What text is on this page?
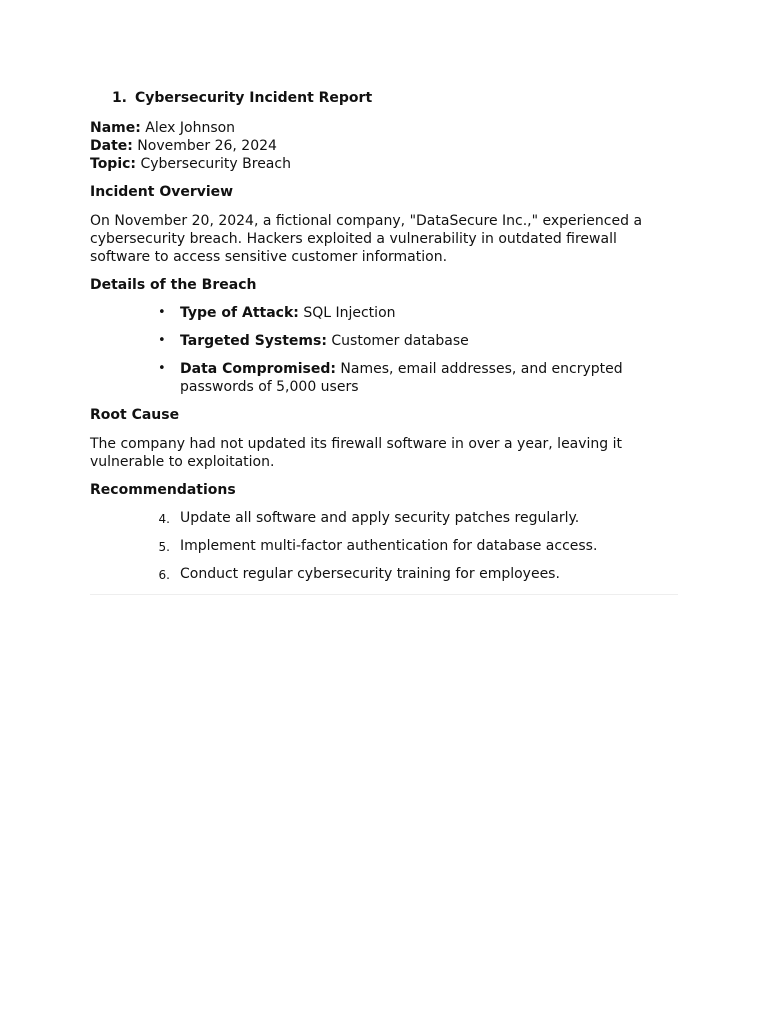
1. Cybersecurity Incident Report

Name: Alex Johnson

Date: November 26, 2024

Topic: Cybersecurity Breach

Incident Overview

On November 20, 2024, a fictional company, "DataSecure Inc.," experienced a cybersecurity breach. Hackers exploited a vulnerability in outdated firewall software to access sensitive customer information.

Details of the Breach

• Type of Attack: SQL Injection
• Targeted Systems: Customer database
• Data Compromised: Names, email addresses, and encrypted passwords of 5,000 users

Root Cause

The company had not updated its firewall software in over a year, leaving it vulnerable to exploitation.

Recommendations

4. Update all software and apply security patches regularly.
5. Implement multi-factor authentication for database access.
6. Conduct regular cybersecurity training for employees.
